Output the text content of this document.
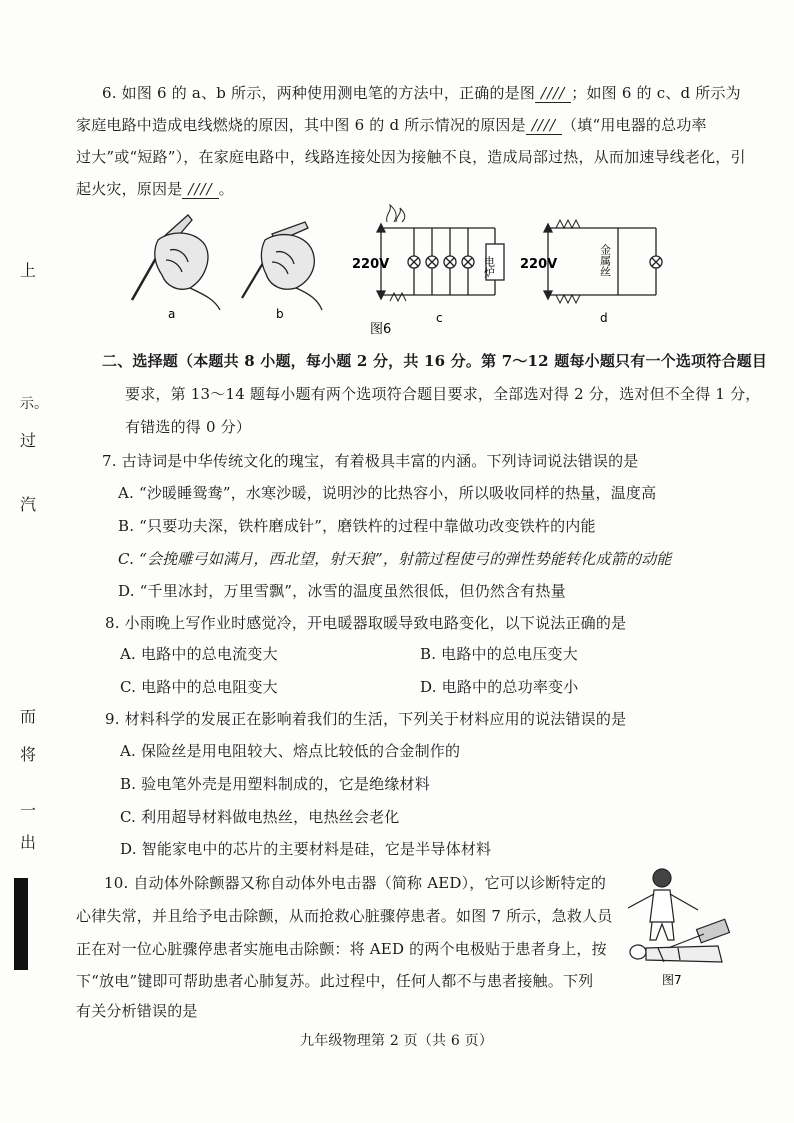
上
示。
过
汽
而
将
一
出
6. 如图 6 的 a、b 所示，两种使用测电笔的方法中，正确的是图 //// ；如图 6 的 c、d 所示为
家庭电路中造成电线燃烧的原因，其中图 6 的 d 所示情况的原因是 //// （填“用电器的总功率
过大”或“短路”），在家庭电路中，线路连接处因为接触不良，造成局部过热，从而加速导线老化，引
起火灾，原因是 //// 。
a	b
220V	电炉
c
220V	金属丝
d
图6
二、选择题（本题共 8 小题，每小题 2 分，共 16 分。第 7～12 题每小题只有一个选项符合题目
要求，第 13～14 题每小题有两个选项符合题目要求，全部选对得 2 分，选对但不全得 1 分，
有错选的得 0 分）
7. 古诗词是中华传统文化的瑰宝，有着极具丰富的内涵。下列诗词说法错误的是
A. “沙暖睡鸳鸯”，水寒沙暖，说明沙的比热容小，所以吸收同样的热量，温度高
B. “只要功夫深，铁杵磨成针”，磨铁杵的过程中靠做功改变铁杵的内能
C. “会挽雕弓如满月，西北望，射天狼”，射箭过程使弓的弹性势能转化成箭的动能
D. “千里冰封，万里雪飘”，冰雪的温度虽然很低，但仍然含有热量
8. 小雨晚上写作业时感觉冷，开电暖器取暖导致电路变化，以下说法正确的是
A. 电路中的总电流变大	B. 电路中的总电压变大
C. 电路中的总电阻变大	D. 电路中的总功率变小
9. 材料科学的发展正在影响着我们的生活，下列关于材料应用的说法错误的是
A. 保险丝是用电阻较大、熔点比较低的合金制作的
B. 验电笔外壳是用塑料制成的，它是绝缘材料
C. 利用超导材料做电热丝，电热丝会老化
D. 智能家电中的芯片的主要材料是硅，它是半导体材料
10. 自动体外除颤器又称自动体外电击器（简称 AED），它可以诊断特定的
心律失常，并且给予电击除颤，从而抢救心脏骤停患者。如图 7 所示，急救人员
正在对一位心脏骤停患者实施电击除颤：将 AED 的两个电极贴于患者身上，按
下“放电”键即可帮助患者心肺复苏。此过程中，任何人都不与患者接触。下列
有关分析错误的是
图7
九年级物理第 2 页（共 6 页）
